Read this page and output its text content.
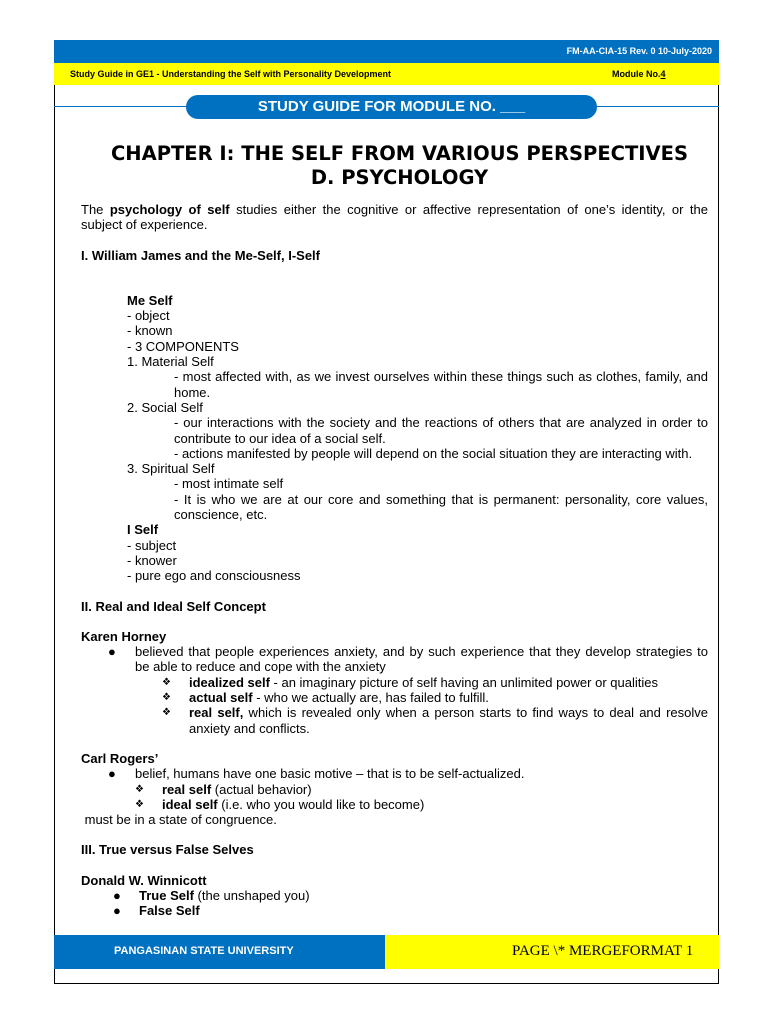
FM-AA-CIA-15 Rev. 0 10-July-2020
Study Guide in GE1 - Understanding the Self with Personality Development	Module No.4
STUDY GUIDE FOR MODULE NO. ___
CHAPTER I: THE SELF FROM VARIOUS PERSPECTIVES
D. PSYCHOLOGY

The psychology of self studies either the cognitive or affective representation of one’s identity, or the subject of experience.

I. William James and the Me-Self, I-Self

Me Self

- object

- known

- 3 COMPONENTS

1. Material Self

- most affected with, as we invest ourselves within these things such as clothes, family, and home.

2. Social Self

- our interactions with the society and the reactions of others that are analyzed in order to contribute to our idea of a social self.

- actions manifested by people will depend on the social situation they are interacting with.

3. Spiritual Self

- most intimate self

- It is who we are at our core and something that is permanent: personality, core values, conscience, etc.

I Self

- subject

- knower

- pure ego and consciousness

II. Real and Ideal Self Concept

Karen Horney

● believed that people experiences anxiety, and by such experience that they develop strategies to be able to reduce and cope with the anxiety

❖ idealized self - an imaginary picture of self having an unlimited power or qualities

❖ actual self - who we actually are, has failed to fulfill.

❖ real self, which is revealed only when a person starts to find ways to deal and resolve anxiety and conflicts.

Carl Rogers’

● belief, humans have one basic motive – that is to be self-actualized.

❖ real self (actual behavior)

❖ ideal self (i.e. who you would like to become)

must be in a state of congruence.

III. True versus False Selves

Donald W. Winnicott

● True Self (the unshaped you)

● False Self

PANGASINAN STATE UNIVERSITY	PAGE \* MERGEFORMAT 1
